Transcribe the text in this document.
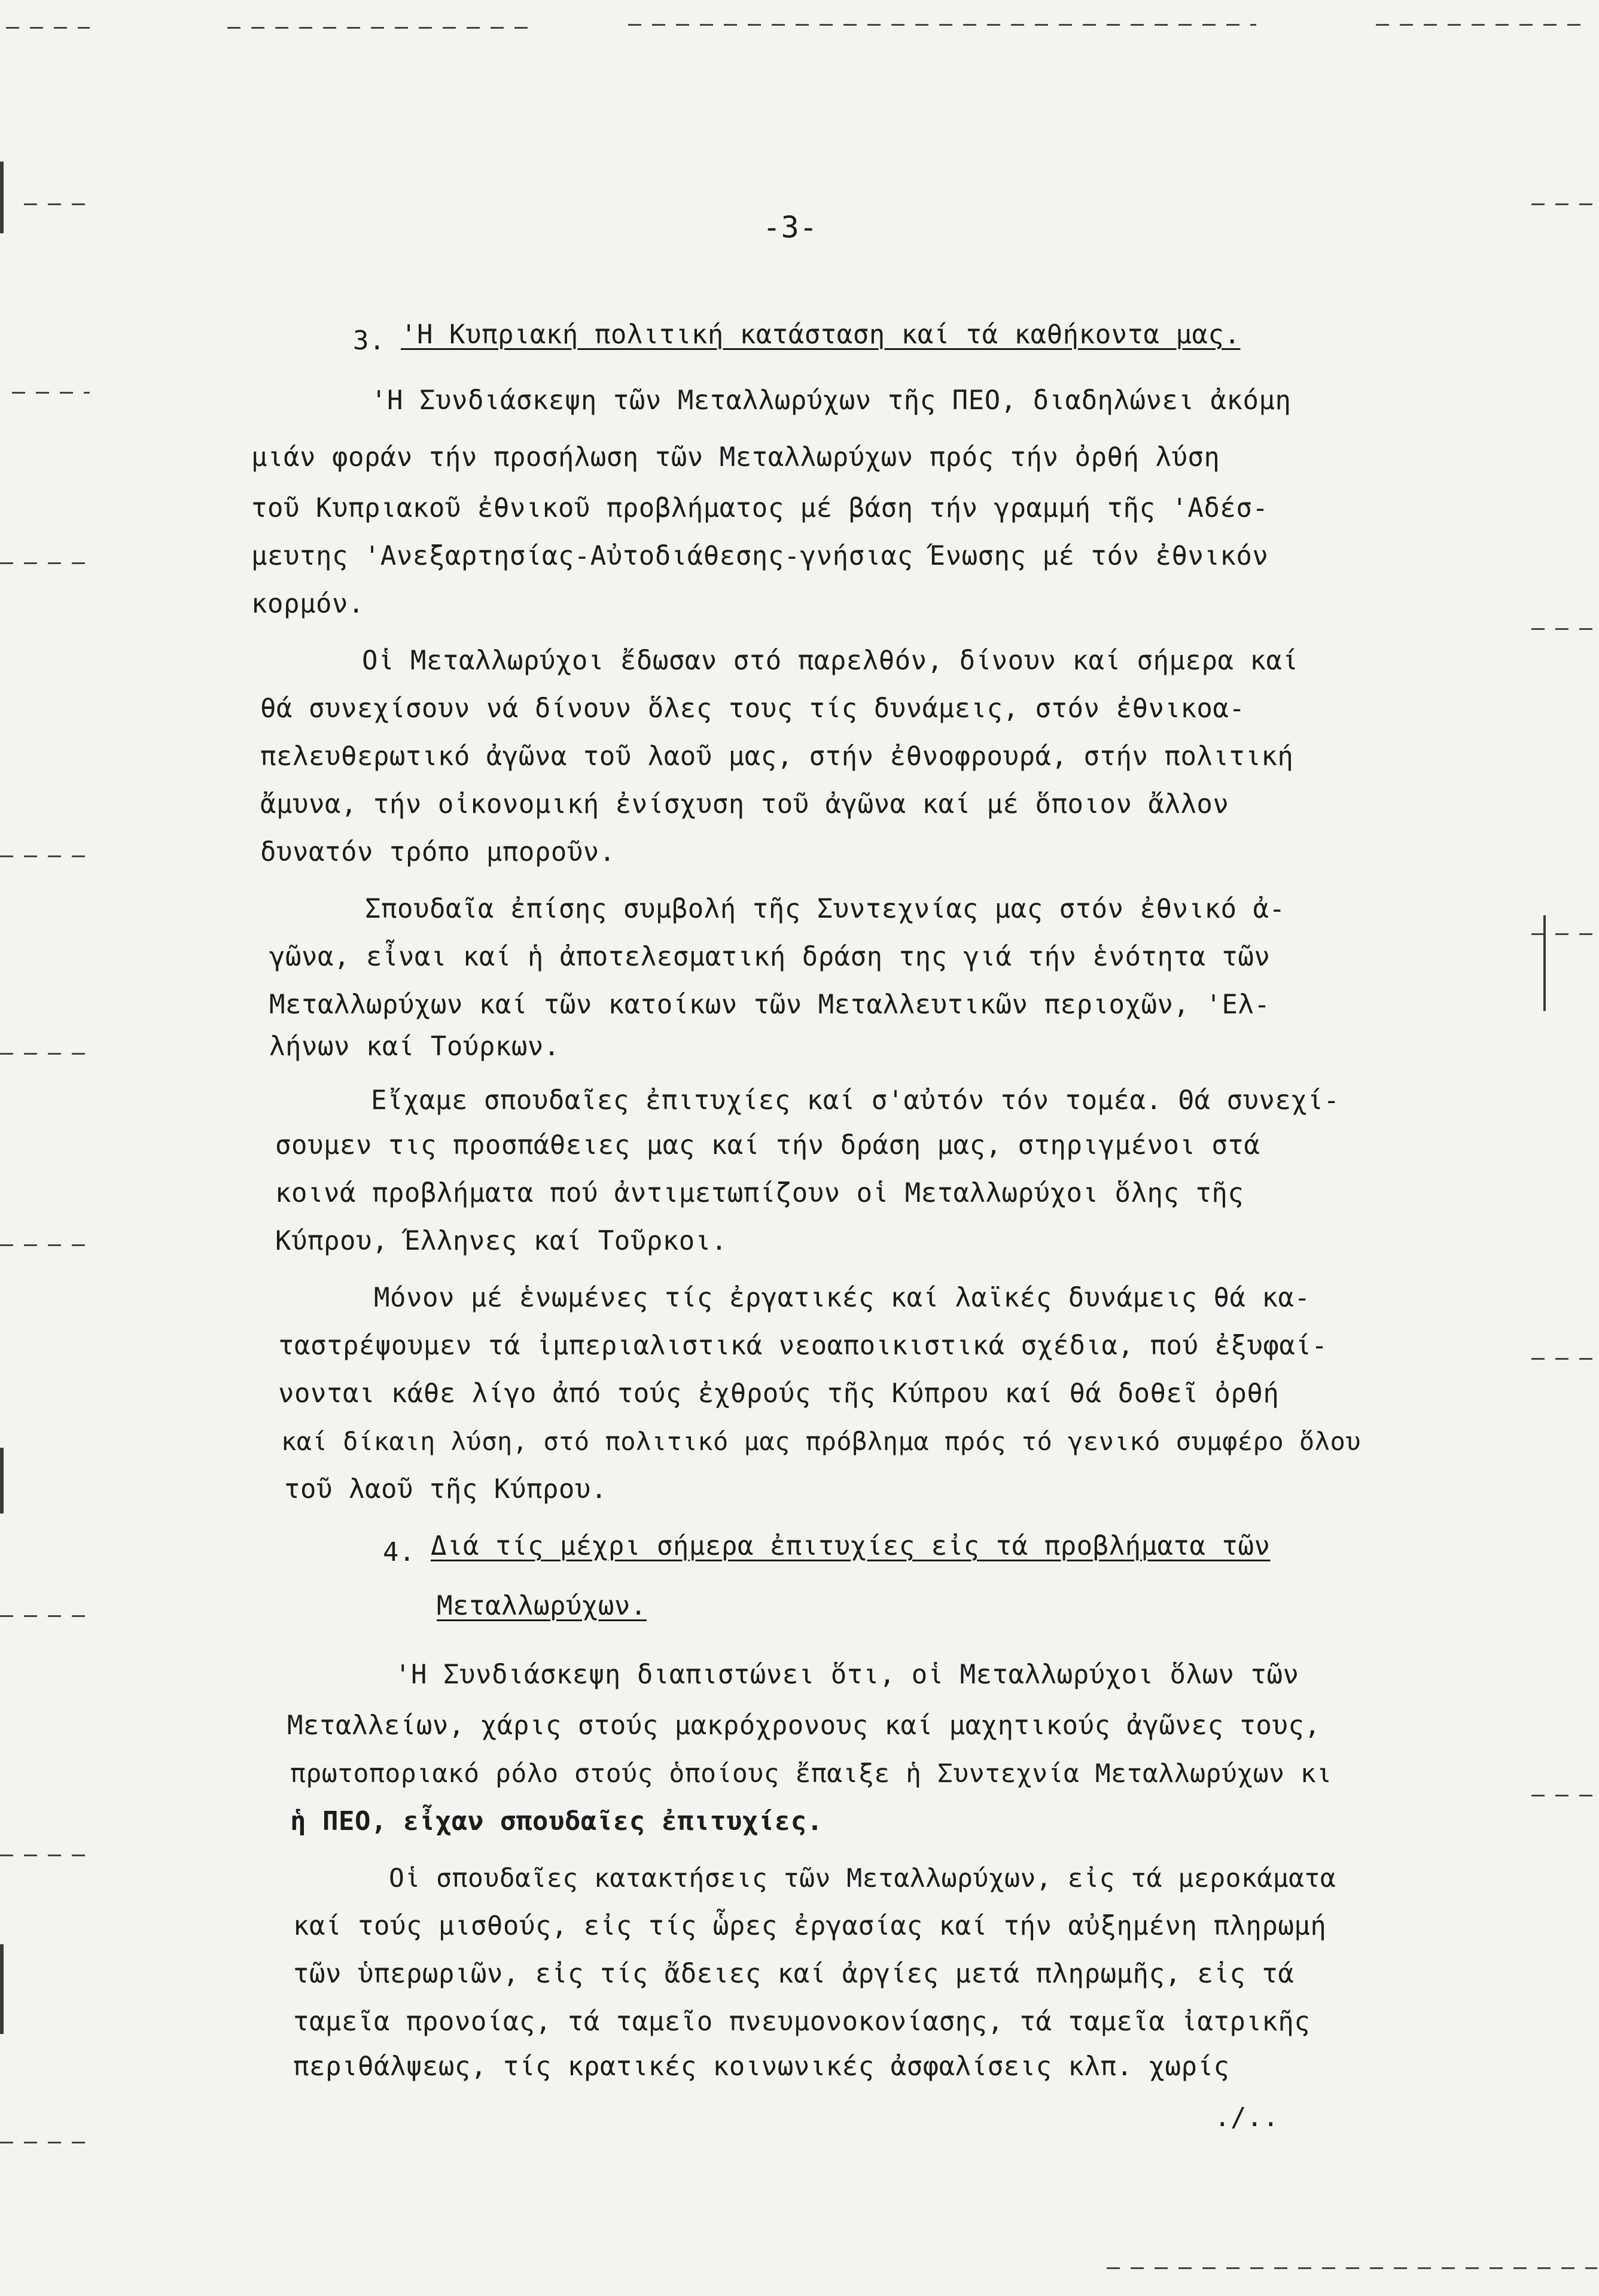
-3-
3. 'Η Κυπριακή πολιτική κατάσταση καί τά καθήκοντα μας.
'Η Συνδιάσκεψη τῶν Μεταλλωρύχων τῆς ΠΕΟ, διαδηλώνει ἀκόμη
μιάν φοράν τήν προσήλωση τῶν Μεταλλωρύχων πρός τήν ὀρθή λύση
τοῦ Κυπριακοῦ ἐθνικοῦ προβλήματος μέ βάση τήν γραμμή τῆς 'Αδέσ-
μευτης 'Ανεξαρτησίας-Αὐτοδιάθεσης-γνήσιας Ένωσης μέ τόν ἐθνικόν
κορμόν.
Οἱ Μεταλλωρύχοι ἔδωσαν στό παρελθόν, δίνουν καί σήμερα καί
θά συνεχίσουν νά δίνουν ὅλες τους τίς δυνάμεις, στόν ἐθνικοα-
πελευθερωτικό ἀγῶνα τοῦ λαοῦ μας, στήν ἐθνοφρουρά, στήν πολιτική
ἄμυνα, τήν οἰκονομική ἐνίσχυση τοῦ ἀγῶνα καί μέ ὅποιον ἄλλον
δυνατόν τρόπο μποροῦν.
Σπουδαῖα ἐπίσης συμβολή τῆς Συντεχνίας μας στόν ἐθνικό ἀ-
γῶνα, εἶναι καί ἡ ἀποτελεσματική δράση της γιά τήν ἑνότητα τῶν
Μεταλλωρύχων καί τῶν κατοίκων τῶν Μεταλλευτικῶν περιοχῶν, 'Ελ-
λήνων καί Τούρκων.
Εἴχαμε σπουδαῖες ἐπιτυχίες καί σ'αὐτόν τόν τομέα. Θά συνεχί-
σουμεν τις προσπάθειες μας καί τήν δράση μας, στηριγμένοι στά
κοινά προβλήματα πού ἀντιμετωπίζουν οἱ Μεταλλωρύχοι ὅλης τῆς
Κύπρου, Έλληνες καί Τοῦρκοι.
Μόνον μέ ἑνωμένες τίς ἐργατικές καί λαϊκές δυνάμεις θά κα-
ταστρέψουμεν τά ἰμπεριαλιστικά νεοαποικιστικά σχέδια, πού ἐξυφαί-
νονται κάθε λίγο ἀπό τούς ἐχθρούς τῆς Κύπρου καί θά δοθεῖ ὀρθή
καί δίκαιη λύση, στό πολιτικό μας πρόβλημα πρός τό γενικό συμφέρο ὅλου
τοῦ λαοῦ τῆς Κύπρου.
4. Διά τίς μέχρι σήμερα ἐπιτυχίες εἰς τά προβλήματα τῶν
Μεταλλωρύχων.
'Η Συνδιάσκεψη διαπιστώνει ὅτι, οἱ Μεταλλωρύχοι ὅλων τῶν
Μεταλλείων, χάρις στούς μακρόχρονους καί μαχητικούς ἀγῶνες τους,
πρωτοποριακό ρόλο στούς ὁποίους ἔπαιξε ἡ Συντεχνία Μεταλλωρύχων κι
ἡ ΠΕΟ, εἶχαν σπουδαῖες ἐπιτυχίες.
Οἱ σπουδαῖες κατακτήσεις τῶν Μεταλλωρύχων, εἰς τά μεροκάματα
καί τούς μισθούς, εἰς τίς ὧρες ἐργασίας καί τήν αὐξημένη πληρωμή
τῶν ὑπερωριῶν, εἰς τίς ἄδειες καί ἀργίες μετά πληρωμῆς, εἰς τά
ταμεῖα προνοίας, τά ταμεῖο πνευμονοκονίασης, τά ταμεῖα ἰατρικῆς
περιθάλψεως, τίς κρατικές κοινωνικές ἀσφαλίσεις κλπ. χωρίς
./..
